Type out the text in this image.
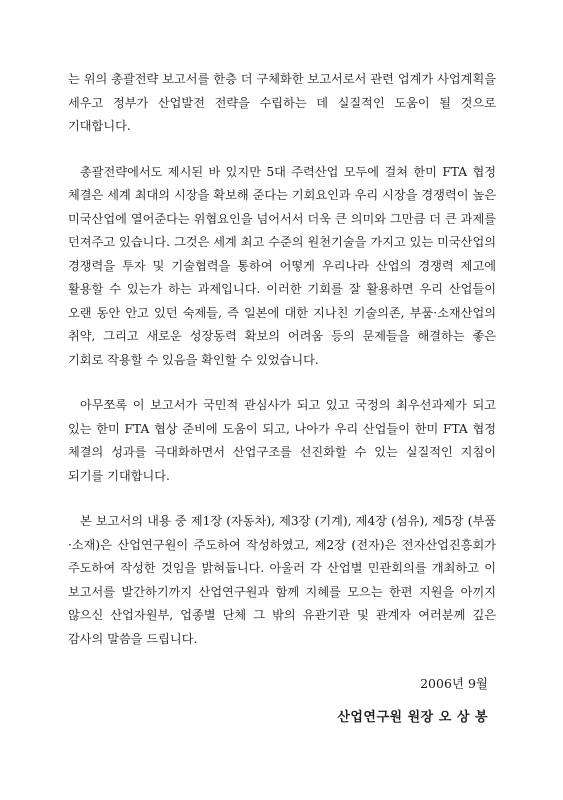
는 위의 총괄전략 보고서를 한층 더 구체화한 보고서로서 관련 업계가 사업계획을 세우고 정부가 산업발전 전략을 수립하는 데 실질적인 도움이 될 것으로 기대합니다.

총괄전략에서도 제시된 바 있지만 5대 주력산업 모두에 걸쳐 한미 FTA 협정 체결은 세계 최대의 시장을 확보해 준다는 기회요인과 우리 시장을 경쟁력이 높은 미국산업에 열어준다는 위협요인을 넘어서서 더욱 큰 의미와 그만큼 더 큰 과제를 던져주고 있습니다. 그것은 세계 최고 수준의 원천기술을 가지고 있는 미국산업의 경쟁력을 투자 및 기술협력을 통하여 어떻게 우리나라 산업의 경쟁력 제고에 활용할 수 있는가 하는 과제입니다. 이러한 기회를 잘 활용하면 우리 산업들이 오랜 동안 안고 있던 숙제들, 즉 일본에 대한 지나친 기술의존, 부품·소재산업의 취약, 그리고 새로운 성장동력 확보의 어려움 등의 문제들을 해결하는 좋은 기회로 작용할 수 있음을 확인할 수 있었습니다.

아무쪼록 이 보고서가 국민적 관심사가 되고 있고 국정의 최우선과제가 되고 있는 한미 FTA 협상 준비에 도움이 되고, 나아가 우리 산업들이 한미 FTA 협정 체결의 성과를 극대화하면서 산업구조를 선진화할 수 있는 실질적인 지침이 되기를 기대합니다.

본 보고서의 내용 중 제1장 (자동차), 제3장 (기계), 제4장 (섬유), 제5장 (부품·소재)은 산업연구원이 주도하여 작성하였고, 제2장 (전자)은 전자산업진흥회가 주도하여 작성한 것임을 밝혀둡니다. 아울러 각 산업별 민관회의를 개최하고 이 보고서를 발간하기까지 산업연구원과 함께 지혜를 모으는 한편 지원을 아끼지 않으신 산업자원부, 업종별 단체 그 밖의 유관기관 및 관계자 여러분께 깊은 감사의 말씀을 드립니다.

2006년 9월
산업연구원 원장 오 상 봉
